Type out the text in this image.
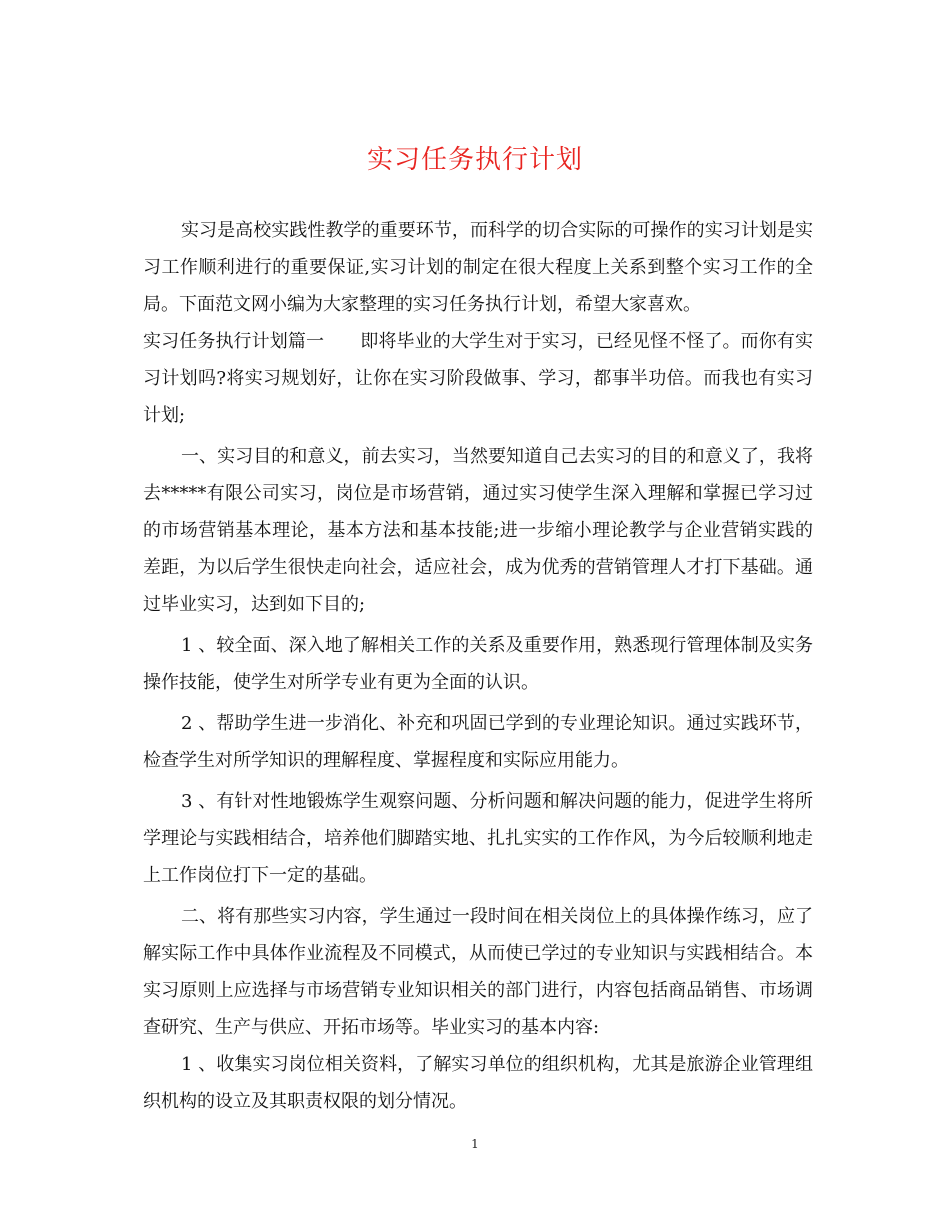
实习任务执行计划

实习是高校实践性教学的重要环节，而科学的切合实际的可操作的实习计划是实习工作顺利进行的重要保证,实习计划的制定在很大程度上关系到整个实习工作的全局。下面范文网小编为大家整理的实习任务执行计划，希望大家喜欢。

实习任务执行计划篇一　　即将毕业的大学生对于实习，已经见怪不怪了。而你有实习计划吗?将实习规划好，让你在实习阶段做事、学习，都事半功倍。而我也有实习计划;

一、实习目的和意义，前去实习，当然要知道自己去实习的目的和意义了，我将去*****有限公司实习，岗位是市场营销，通过实习使学生深入理解和掌握已学习过的市场营销基本理论，基本方法和基本技能;进一步缩小理论教学与企业营销实践的差距，为以后学生很快走向社会，适应社会，成为优秀的营销管理人才打下基础。通过毕业实习，达到如下目的;

1 、较全面、深入地了解相关工作的关系及重要作用，熟悉现行管理体制及实务操作技能，使学生对所学专业有更为全面的认识。

2 、帮助学生进一步消化、补充和巩固已学到的专业理论知识。通过实践环节，检查学生对所学知识的理解程度、掌握程度和实际应用能力。

3 、有针对性地锻炼学生观察问题、分析问题和解决问题的能力，促进学生将所学理论与实践相结合，培养他们脚踏实地、扎扎实实的工作作风，为今后较顺利地走上工作岗位打下一定的基础。

二、将有那些实习内容，学生通过一段时间在相关岗位上的具体操作练习，应了解实际工作中具体作业流程及不同模式，从而使已学过的专业知识与实践相结合。本实习原则上应选择与市场营销专业知识相关的部门进行，内容包括商品销售、市场调查研究、生产与供应、开拓市场等。毕业实习的基本内容:

1 、收集实习岗位相关资料，了解实习单位的组织机构，尤其是旅游企业管理组织机构的设立及其职责权限的划分情况。

1
